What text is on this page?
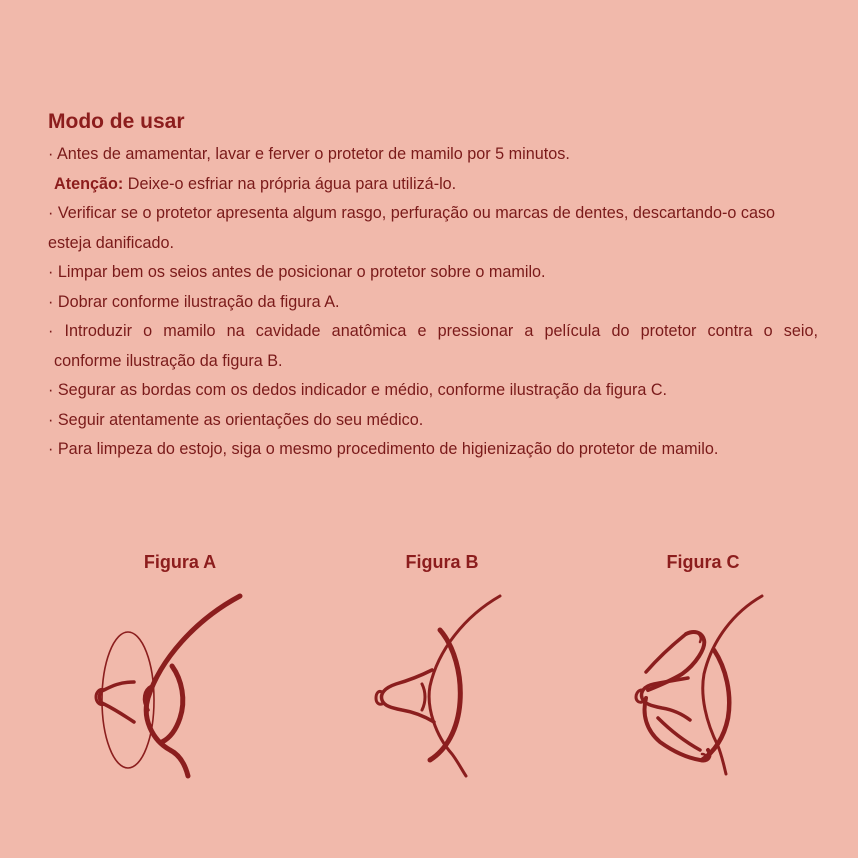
Modo de usar
· Antes de amamentar, lavar e ferver o protetor de mamilo por 5 minutos.
Atenção: Deixe-o esfriar na própria água para utilizá-lo.
· Verificar se o protetor apresenta algum rasgo, perfuração ou marcas de dentes, descartando-o caso
esteja danificado.
· Limpar bem os seios antes de posicionar o protetor sobre o mamilo.
· Dobrar conforme ilustração da figura A.
· Introduzir o mamilo na cavidade anatômica e pressionar a película do protetor contra o seio,
conforme ilustração da figura B.
· Segurar as bordas com os dedos indicador e médio, conforme ilustração da figura C.
· Seguir atentamente as orientações do seu médico.
· Para limpeza do estojo, siga o mesmo procedimento de higienização do protetor de mamilo.
Figura A	Figura B	Figura C
